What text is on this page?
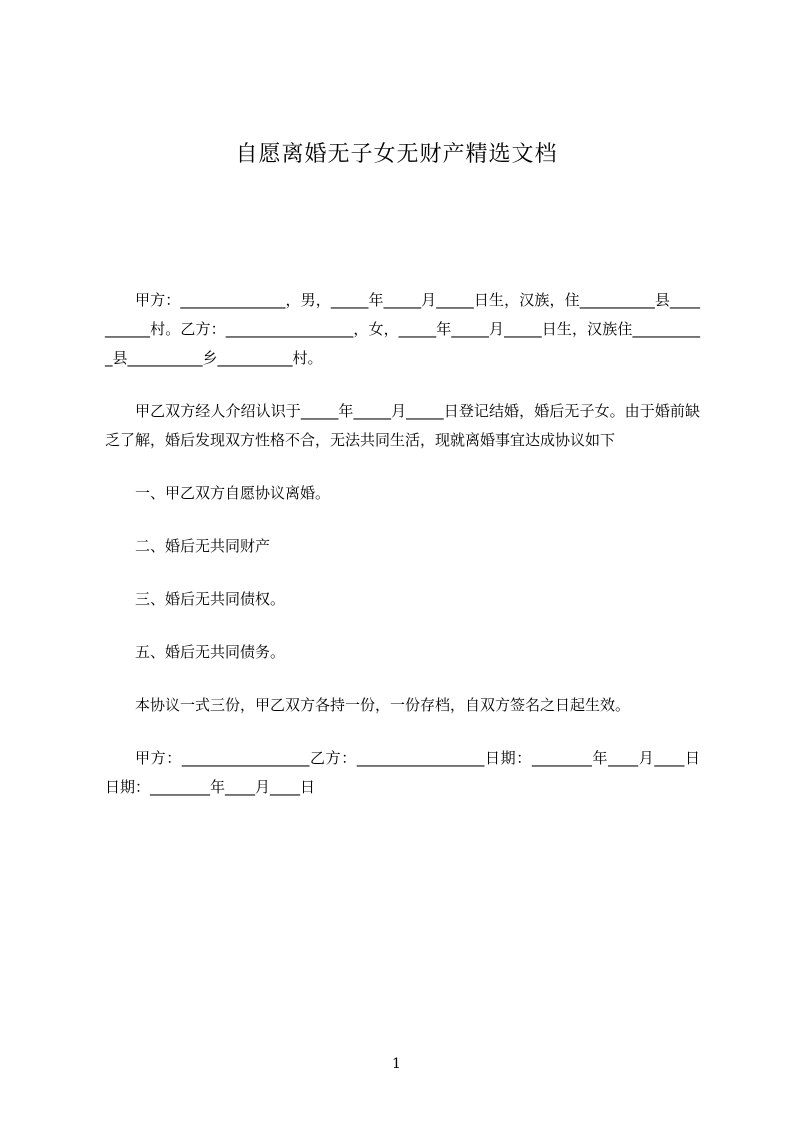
自愿离婚无子女无财产精选文档

甲方：______________，男，_____年_____月_____日生，汉族，住__________县__________村。乙方：_________________，女，_____年_____月_____日生，汉族住__________县__________乡__________村。

甲乙双方经人介绍认识于_____年_____月_____日登记结婚，婚后无子女。由于婚前缺乏了解，婚后发现双方性格不合，无法共同生活，现就离婚事宜达成协议如下

一、甲乙双方自愿协议离婚。

二、婚后无共同财产

三、婚后无共同债权。

五、婚后无共同债务。

本协议一式三份，甲乙双方各持一份，一份存档，自双方签名之日起生效。

甲方：_________________乙方：_________________日期：________年____月____日日期：________年____月____日

1
